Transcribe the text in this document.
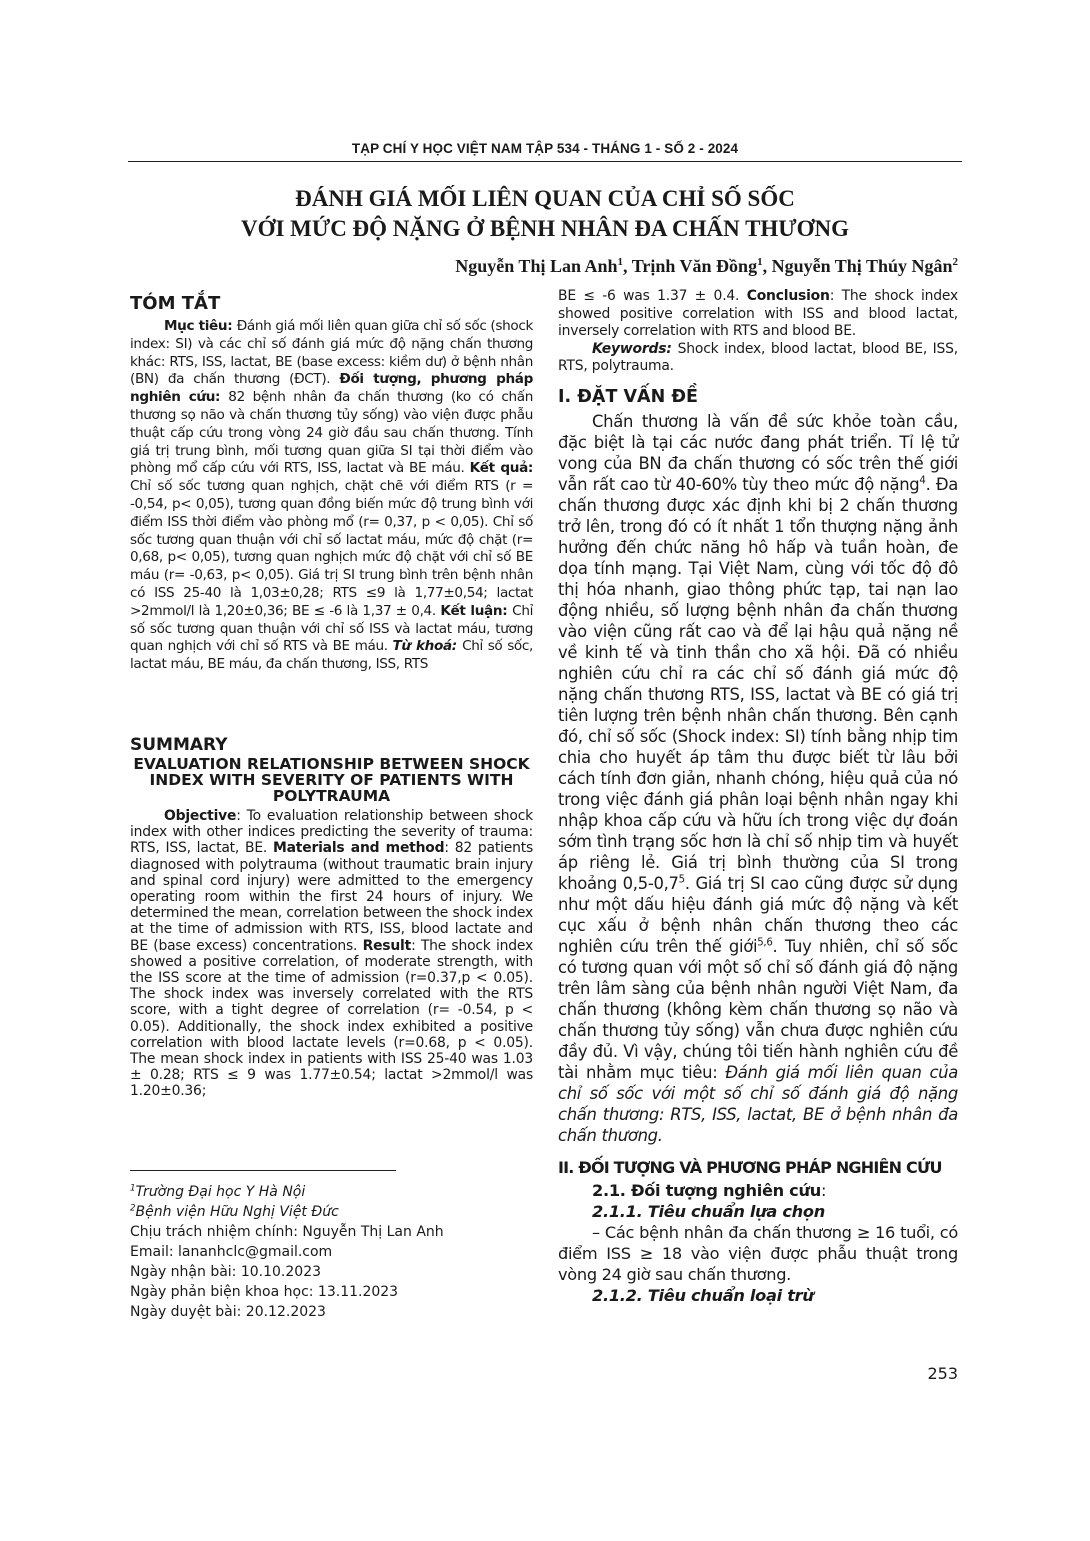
TẠP CHÍ Y HỌC VIỆT NAM TẬP 534 - THÁNG 1 - SỐ 2 - 2024
ĐÁNH GIÁ MỐI LIÊN QUAN CỦA CHỈ SỐ SỐC
VỚI MỨC ĐỘ NẶNG Ở BỆNH NHÂN ĐA CHẤN THƯƠNG
Nguyễn Thị Lan Anh$^1$, Trịnh Văn Đồng$^1$, Nguyễn Thị Thúy Ngân$^2$
TÓM TẮT
Mục tiêu: Đánh giá mối liên quan giữa chỉ số sốc (shock index: SI) và các chỉ số đánh giá mức độ nặng chấn thương khác: RTS, ISS, lactat, BE (base excess: kiềm dư) ở bệnh nhân (BN) đa chấn thương (ĐCT). Đối tượng, phương pháp nghiên cứu: 82 bệnh nhân đa chấn thương (ko có chấn thương sọ não và chấn thương tủy sống) vào viện được phẫu thuật cấp cứu trong vòng 24 giờ đầu sau chấn thương. Tính giá trị trung bình, mối tương quan giữa SI tại thời điểm vào phòng mổ cấp cứu với RTS, ISS, lactat và BE máu. Kết quả: Chỉ số sốc tương quan nghịch, chặt chẽ với điểm RTS (r = -0,54, p< 0,05), tương quan đồng biến mức độ trung bình với điểm ISS thời điểm vào phòng mổ (r= 0,37, p < 0,05). Chỉ số sốc tương quan thuận với chỉ số lactat máu, mức độ chặt (r= 0,68, p< 0,05), tương quan nghịch mức độ chặt với chỉ số BE máu (r= -0,63, p< 0,05). Giá trị SI trung bình trên bệnh nhân có ISS 25-40 là 1,03±0,28; RTS ≤9 là 1,77±0,54; lactat >2mmol/l là 1,20±0,36; BE ≤ -6 là 1,37 ± 0,4. Kết luận: Chỉ số sốc tương quan thuận với chỉ số ISS và lactat máu, tương quan nghịch với chỉ số RTS và BE máu. Từ khoá: Chỉ số sốc, lactat máu, BE máu, đa chấn thương, ISS, RTS
SUMMARY
EVALUATION RELATIONSHIP BETWEEN SHOCK INDEX WITH SEVERITY OF PATIENTS WITH POLYTRAUMA
Objective: To evaluation relationship between shock index with other indices predicting the severity of trauma: RTS, ISS, lactat, BE. Materials and method: 82 patients diagnosed with polytrauma (without traumatic brain injury and spinal cord injury) were admitted to the emergency operating room within the first 24 hours of injury. We determined the mean, correlation between the shock index at the time of admission with RTS, ISS, blood lactate and BE (base excess) concentrations. Result: The shock index showed a positive correlation, of moderate strength, with the ISS score at the time of admission (r=0.37,p < 0.05). The shock index was inversely correlated with the RTS score, with a tight degree of correlation (r= -0.54, p < 0.05). Additionally, the shock index exhibited a positive correlation with blood lactate levels (r=0.68, p < 0.05). The mean shock index in patients with ISS 25-40 was 1.03 ± 0.28; RTS ≤ 9 was 1.77±0.54; lactat >2mmol/l was 1.20±0.36;
$^1$Trường Đại học Y Hà Nội
$^2$Bệnh viện Hữu Nghị Việt Đức
Chịu trách nhiệm chính: Nguyễn Thị Lan Anh
Email: lananhclc@gmail.com
Ngày nhận bài: 10.10.2023
Ngày phản biện khoa học: 13.11.2023
Ngày duyệt bài: 20.12.2023
BE ≤ -6 was 1.37 ± 0.4. Conclusion: The shock index showed positive correlation with ISS and blood lactat, inversely correlation with RTS and blood BE.
Keywords: Shock index, blood lactat, blood BE, ISS, RTS, polytrauma.
I. ĐẶT VẤN ĐỀ
Chấn thương là vấn đề sức khỏe toàn cầu, đặc biệt là tại các nước đang phát triển. Tỉ lệ tử vong của BN đa chấn thương có sốc trên thế giới vẫn rất cao từ 40-60% tùy theo mức độ nặng$^4$. Đa chấn thương được xác định khi bị 2 chấn thương trở lên, trong đó có ít nhất 1 tổn thượng nặng ảnh hưởng đến chức năng hô hấp và tuần hoàn, đe dọa tính mạng. Tại Việt Nam, cùng với tốc độ đô thị hóa nhanh, giao thông phức tạp, tai nạn lao động nhiều, số lượng bệnh nhân đa chấn thương vào viện cũng rất cao và để lại hậu quả nặng nề về kinh tế và tinh thần cho xã hội. Đã có nhiều nghiên cứu chỉ ra các chỉ số đánh giá mức độ nặng chấn thương RTS, ISS, lactat và BE có giá trị tiên lượng trên bệnh nhân chấn thương. Bên cạnh đó, chỉ số sốc (Shock index: SI) tính bằng nhịp tim chia cho huyết áp tâm thu được biết từ lâu bởi cách tính đơn giản, nhanh chóng, hiệu quả của nó trong việc đánh giá phân loại bệnh nhân ngay khi nhập khoa cấp cứu và hữu ích trong việc dự đoán sớm tình trạng sốc hơn là chỉ số nhịp tim và huyết áp riêng lẻ. Giá trị bình thường của SI trong khoảng $0,5-0,7^5$. Giá trị SI cao cũng được sử dụng như một dấu hiệu đánh giá mức độ nặng và kết cục xấu ở bệnh nhân chấn thương theo các nghiên cứu trên thế giới$^{5,6}$. Tuy nhiên, chỉ số sốc có tương quan với một số chỉ số đánh giá độ nặng trên lâm sàng của bệnh nhân người Việt Nam, đa chấn thương (không kèm chấn thương sọ não và chấn thương tủy sống) vẫn chưa được nghiên cứu đầy đủ. Vì vậy, chúng tôi tiến hành nghiên cứu đề tài nhằm mục tiêu: Đánh giá mối liên quan của chỉ số sốc với một số chỉ số đánh giá độ nặng chấn thương: RTS, ISS, lactat, BE ở bệnh nhân đa chấn thương.
II. ĐỐI TƯỢNG VÀ PHƯƠNG PHÁP NGHIÊN CỨU
2.1. Đối tượng nghiên cứu:
2.1.1. Tiêu chuẩn lựa chọn
– Các bệnh nhân đa chấn thương ≥ 16 tuổi, có điểm ISS ≥ 18 vào viện được phẫu thuật trong vòng 24 giờ sau chấn thương.
2.1.2. Tiêu chuẩn loại trừ
253
